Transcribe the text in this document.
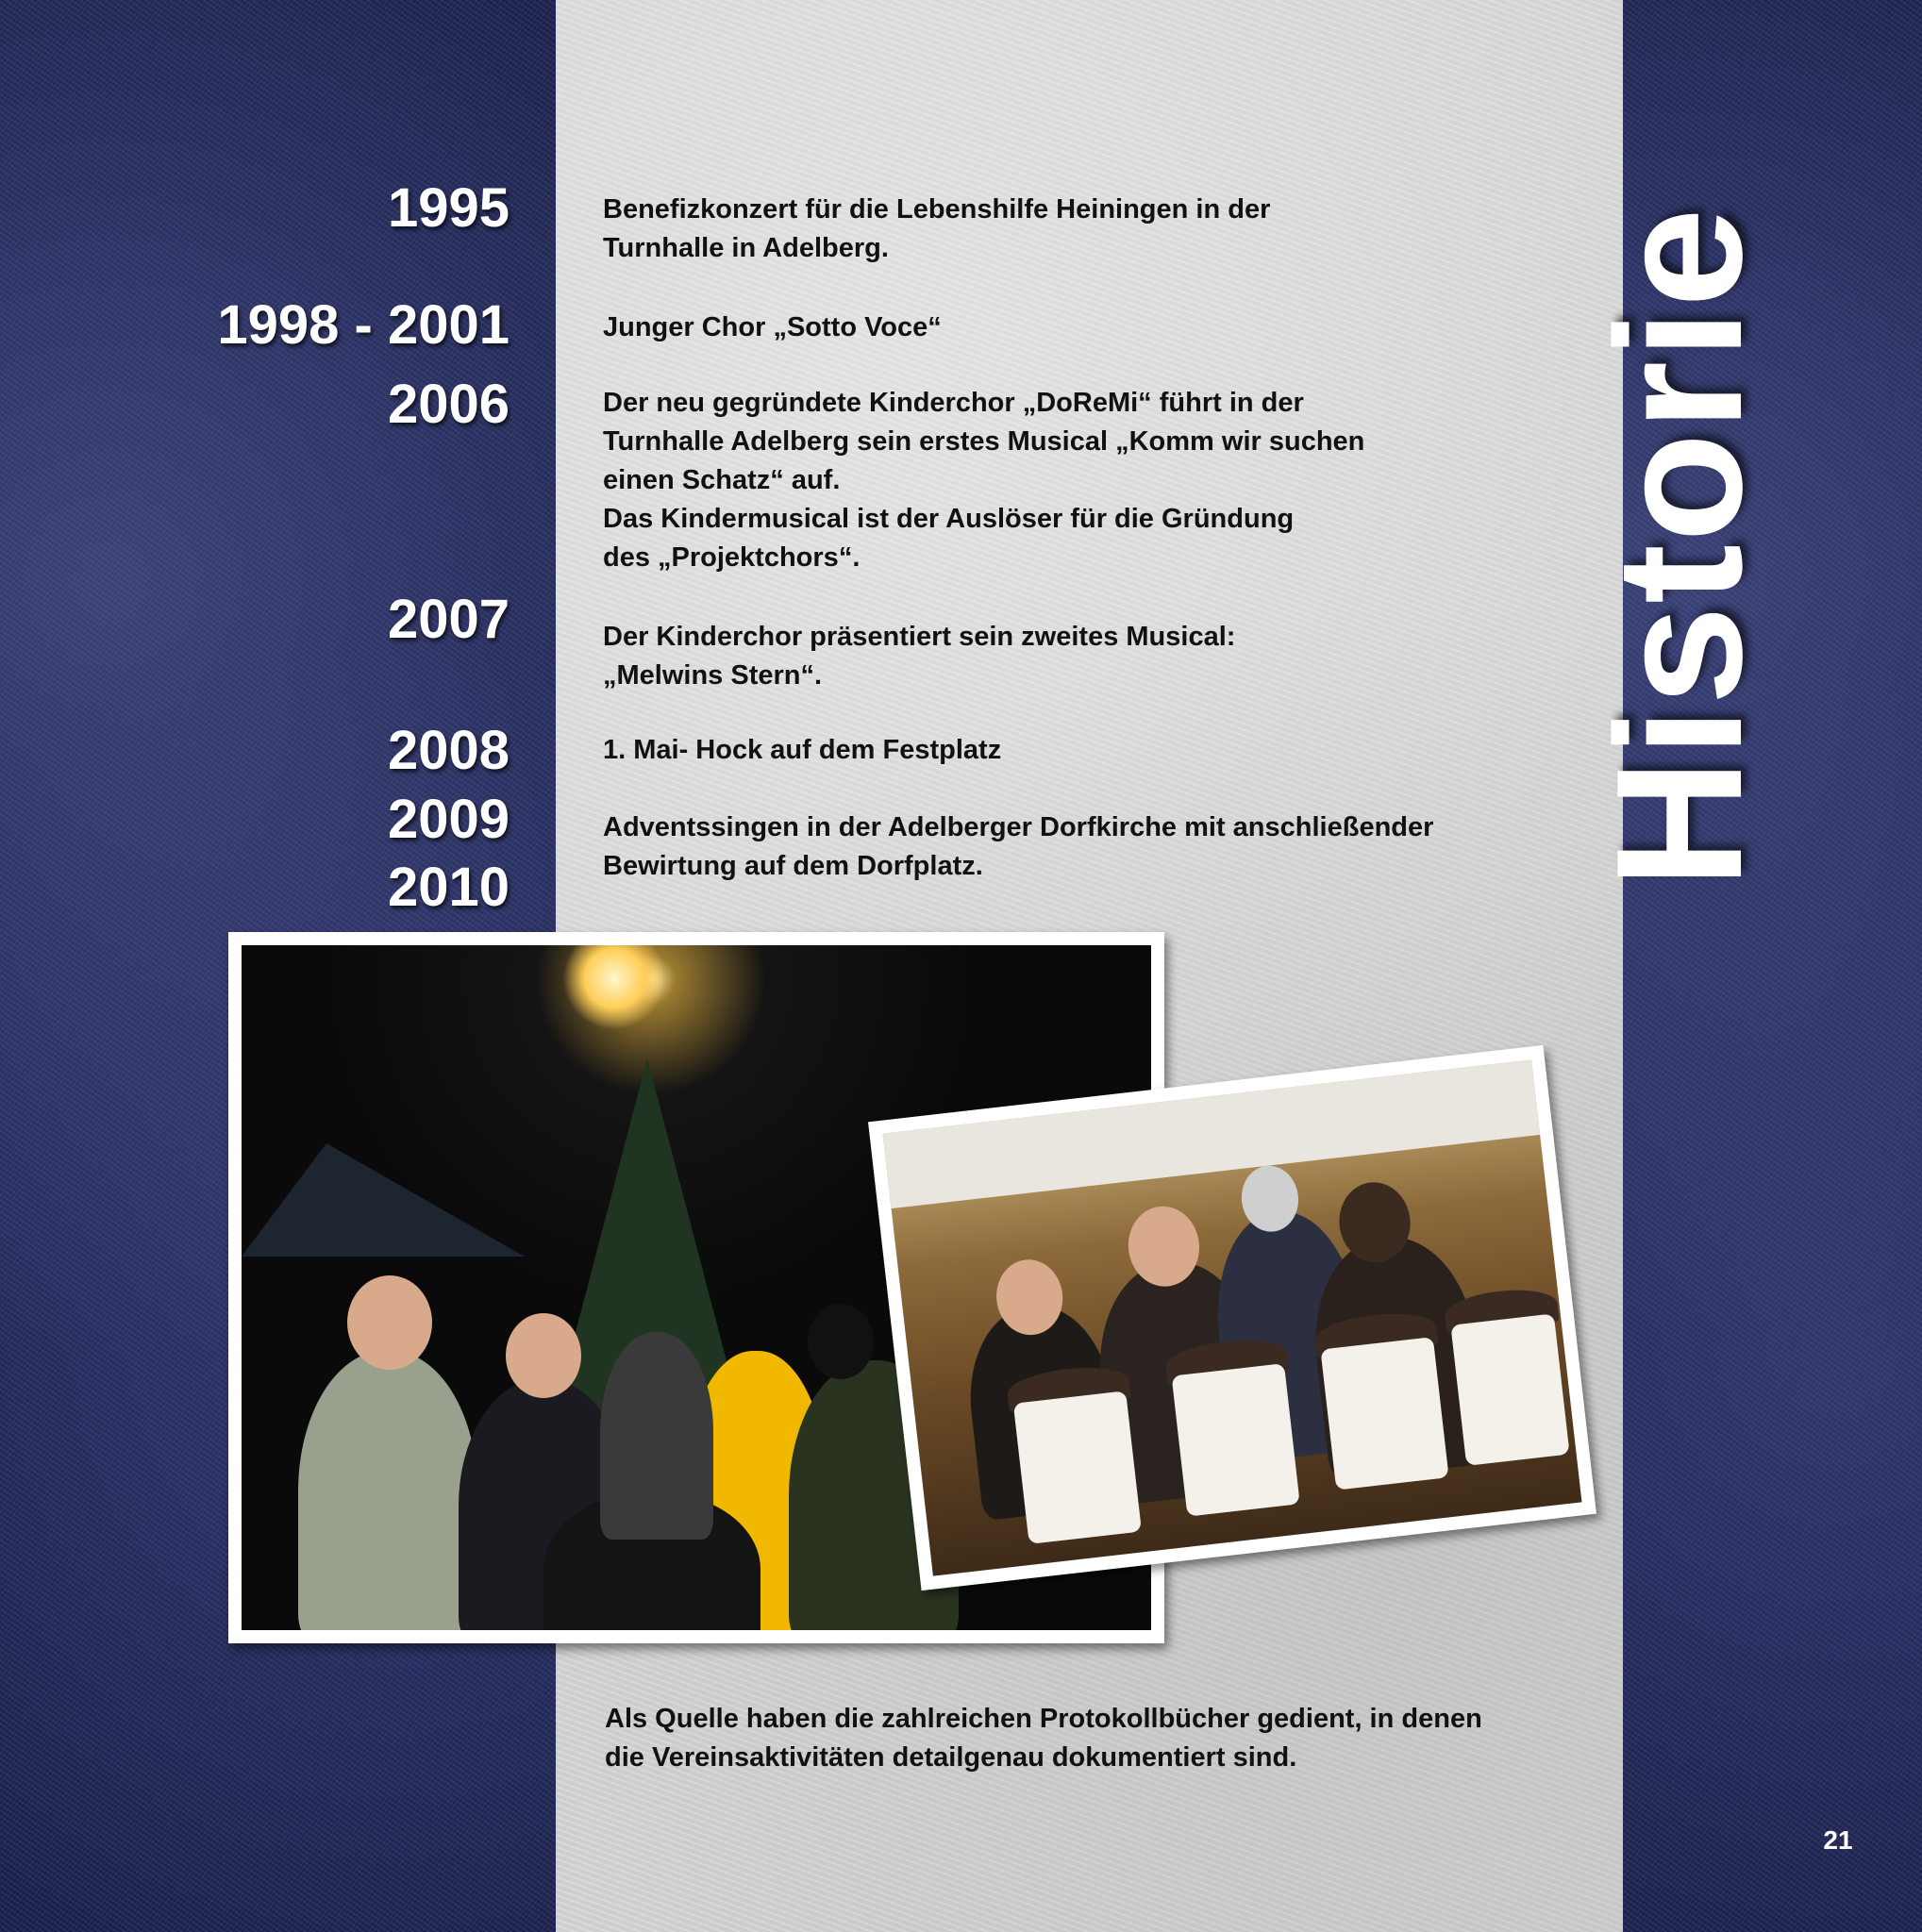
1995
1998 - 2001
2006
2007
2008
2009
2010

Benefizkonzert für die Lebenshilfe Heiningen in der

Turnhalle in Adelberg.

Junger Chor „Sotto Voce“

Der neu gegründete Kinderchor „DoReMi“ führt in der

Turnhalle Adelberg sein erstes Musical „Komm wir suchen

einen Schatz“ auf.

Das Kindermusical ist der Auslöser für die Gründung

des „Projektchors“.

Der Kinderchor präsentiert sein zweites Musical:

„Melwins Stern“.

1. Mai- Hock auf dem Festplatz

Adventssingen in der Adelberger Dorfkirche mit anschließender

Bewirtung auf dem Dorfplatz.	Historie

Als Quelle haben die zahlreichen Protokollbücher gedient, in denen

die Vereinsaktivitäten detailgenau dokumentiert sind.

21
